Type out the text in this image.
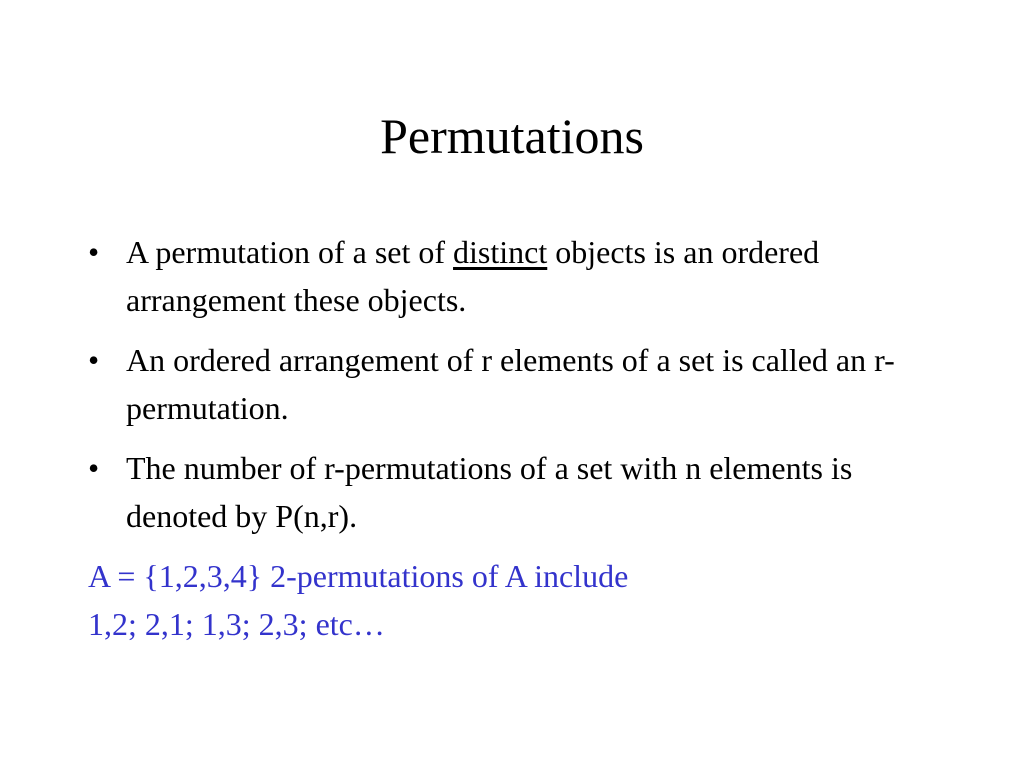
Permutations
• A permutation of a set of distinct objects is an ordered arrangement these objects.
• An ordered arrangement of r elements of a set is called an r-permutation.
• The number of r-permutations of a set with n elements is denoted by P(n,r).
A = {1,2,3,4} 2-permutations of A include
1,2; 2,1; 1,3; 2,3; etc…
